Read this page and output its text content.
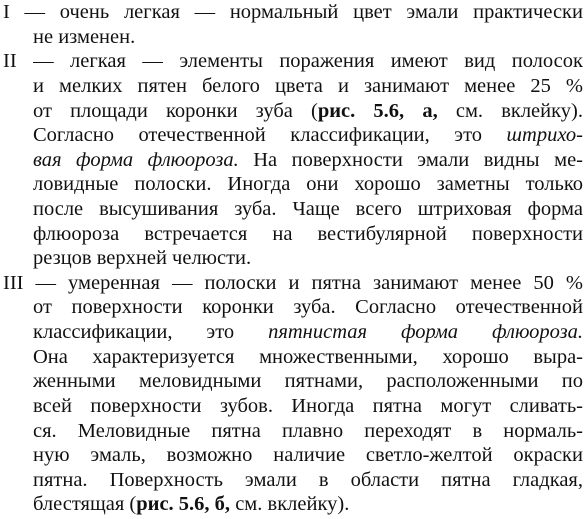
I — очень легкая — нормальный цвет эмали практически
не изменен.
II — легкая — элементы поражения имеют вид полосок
и мелких пятен белого цвета и занимают менее 25 %
от площади коронки зуба (рис. 5.6, а, см. вклейку).
Согласно отечественной классификации, это штрихо-
вая форма флюороза. На поверхности эмали видны ме-
ловидные полоски. Иногда они хорошо заметны только
после высушивания зуба. Чаще всего штриховая форма
флюороза встречается на вестибулярной поверхности
резцов верхней челюсти.
III — умеренная — полоски и пятна занимают менее 50 %
от поверхности коронки зуба. Согласно отечественной
классификации, это пятнистая форма флюороза.
Она характеризуется множественными, хорошо выра-
женными меловидными пятнами, расположенными по
всей поверхности зубов. Иногда пятна могут сливать-
ся. Меловидные пятна плавно переходят в нормаль-
ную эмаль, возможно наличие светло-желтой окраски
пятна. Поверхность эмали в области пятна гладкая,
блестящая (рис. 5.6, б, см. вклейку).
